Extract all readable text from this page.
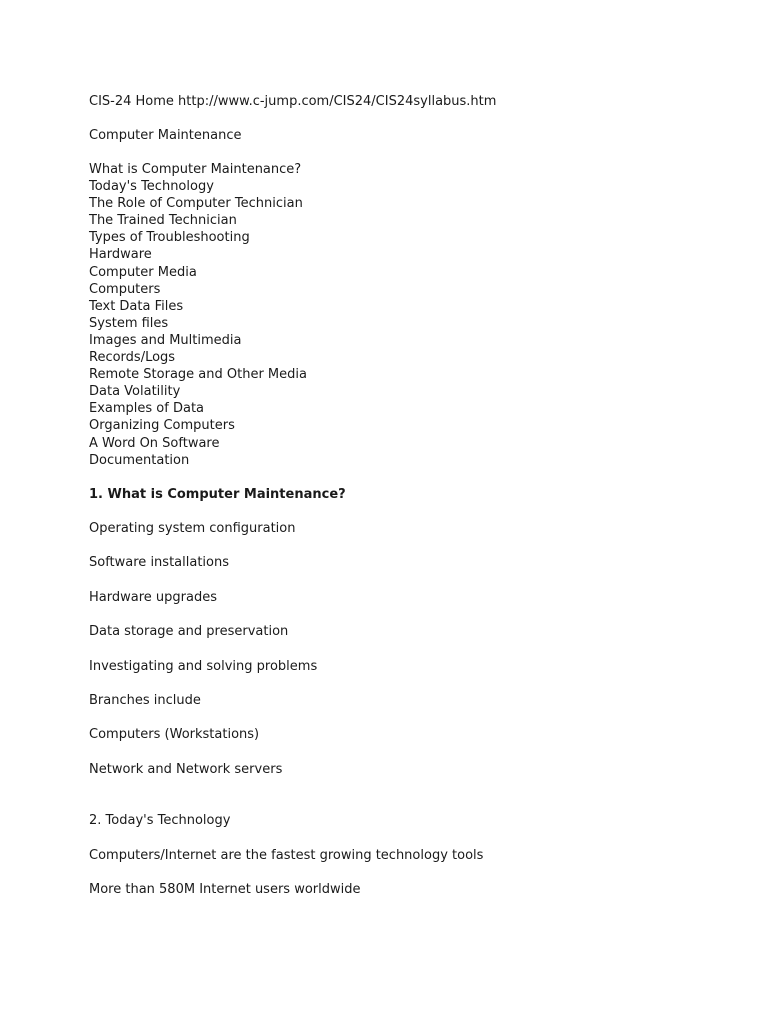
CIS-24 Home http://www.c-jump.com/CIS24/CIS24syllabus.htm
Computer Maintenance
What is Computer Maintenance?
Today's Technology
The Role of Computer Technician
The Trained Technician
Types of Troubleshooting
Hardware
Computer Media
Computers
Text Data Files
System files
Images and Multimedia
Records/Logs
Remote Storage and Other Media
Data Volatility
Examples of Data
Organizing Computers
A Word On Software
Documentation
1. What is Computer Maintenance?
Operating system configuration
Software installations
Hardware upgrades
Data storage and preservation
Investigating and solving problems
Branches include
Computers (Workstations)
Network and Network servers
2. Today's Technology
Computers/Internet are the fastest growing technology tools
More than 580M Internet users worldwide
